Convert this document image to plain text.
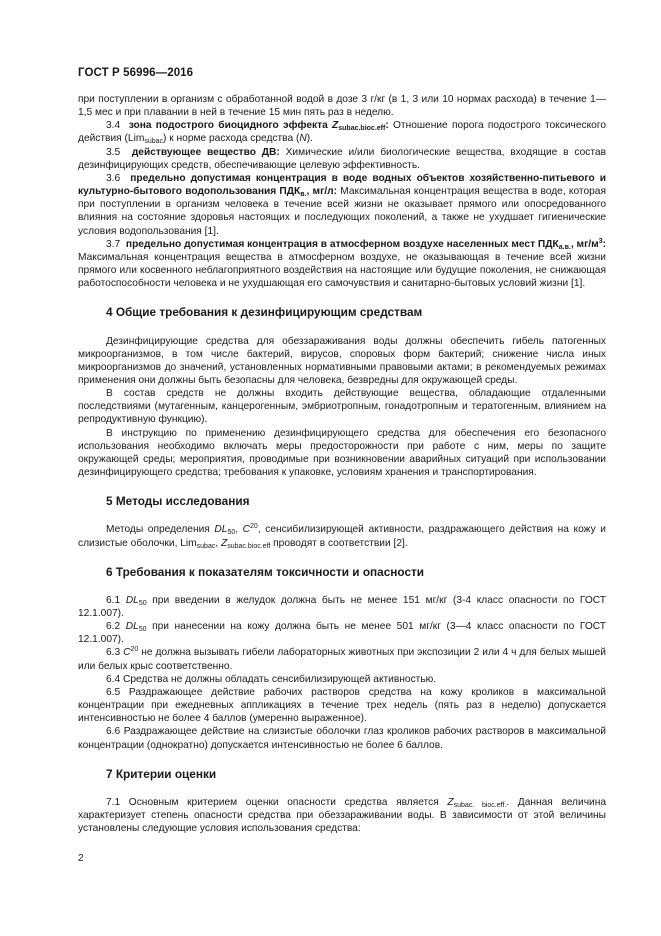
ГОСТ Р 56996—2016

при поступлении в организм с обработанной водой в дозе 3 г/кг (в 1, 3 или 10 нормах расхода) в течение 1—1,5 мес и при плавании в ней в течение 15 мин пять раз в неделю.

3.4 зона подострого биоцидного эффекта $Z_{subac.bioc.eff}$: Отношение порога подострого токсического действия (Lim$_{subac}$) к норме расхода средства (N).

3.5 действующее вещество ДВ: Химические и/или биологические вещества, входящие в состав дезинфицирующих средств, обеспечивающие целевую эффективность.

3.6 предельно допустимая концентрация в воде водных объектов хозяйственно-питьевого и культурно-бытового водопользования $ПДК_{в.}$, мг/л: Максимальная концентрация вещества в воде, которая при поступлении в организм человека в течение всей жизни не оказывает прямого или опосредованного влияния на состояние здоровья настоящих и последующих поколений, а также не ухудшает гигиенические условия водопользования [1].

3.7 предельно допустимая концентрация в атмосферном воздухе населенных мест $ПДК_{а.в.}$, $мг/м^3$: Максимальная концентрация вещества в атмосферном воздухе, не оказывающая в течение всей жизни прямого или косвенного неблагоприятного воздействия на настоящие или будущие поколения, не снижающая работоспособности человека и не ухудшающая его самочувствия и санитарно-бытовых условий жизни [1].

4 Общие требования к дезинфицирующим средствам

Дезинфицирующие средства для обеззараживания воды должны обеспечить гибель патогенных микроорганизмов, в том числе бактерий, вирусов, споровых форм бактерий; снижение числа иных микроорганизмов до значений, установленных нормативными правовыми актами; в рекомендуемых режимах применения они должны быть безопасны для человека, безвредны для окружающей среды.

В состав средств не должны входить действующие вещества, обладающие отдаленными последствиями (мутагенным, канцерогенным, эмбриотропным, гонадотропным и тератогенным, влиянием на репродуктивную функцию).

В инструкцию по применению дезинфицирующего средства для обеспечения его безопасного использования необходимо включать меры предосторожности при работе с ним, меры по защите окружающей среды; мероприятия, проводимые при возникновении аварийных ситуаций при использовании дезинфицирующего средства; требования к упаковке, условиям хранения и транспортирования.

5 Методы исследования

Методы определения $DL_{50}$, $C^{20}$, сенсибилизирующей активности, раздражающего действия на кожу и слизистые оболочки, Lim$_{subac}$, $Z_{subac.bioc.eff}$ проводят в соответствии [2].

6 Требования к показателям токсичности и опасности

6.1 $DL_{50}$ при введении в желудок должна быть не менее 151 мг/кг (3-4 класс опасности по ГОСТ 12.1.007).

6.2 $DL_{50}$ при нанесении на кожу должна быть не менее 501 мг/кг (3—4 класс опасности по ГОСТ 12.1.007).

6.3 $C^{20}$ не должна вызывать гибели лабораторных животных при экспозиции 2 или 4 ч для белых мышей или белых крыс соответственно.

6.4 Средства не должны обладать сенсибилизирующей активностью.

6.5 Раздражающее действие рабочих растворов средства на кожу кроликов в максимальной концентрации при ежедневных аппликациях в течение трех недель (пять раз в неделю) допускается интенсивностью не более 4 баллов (умеренно выраженное).

6.6 Раздражающее действие на слизистые оболочки глаз кроликов рабочих растворов в максимальной концентрации (однократно) допускается интенсивностью не более 6 баллов.

7 Критерии оценки

7.1 Основным критерием оценки опасности средства является $Z_{subac. bioc.eff.}$. Данная величина характеризует степень опасности средства при обеззараживании воды. В зависимости от этой величины установлены следующие условия использования средства:

2
